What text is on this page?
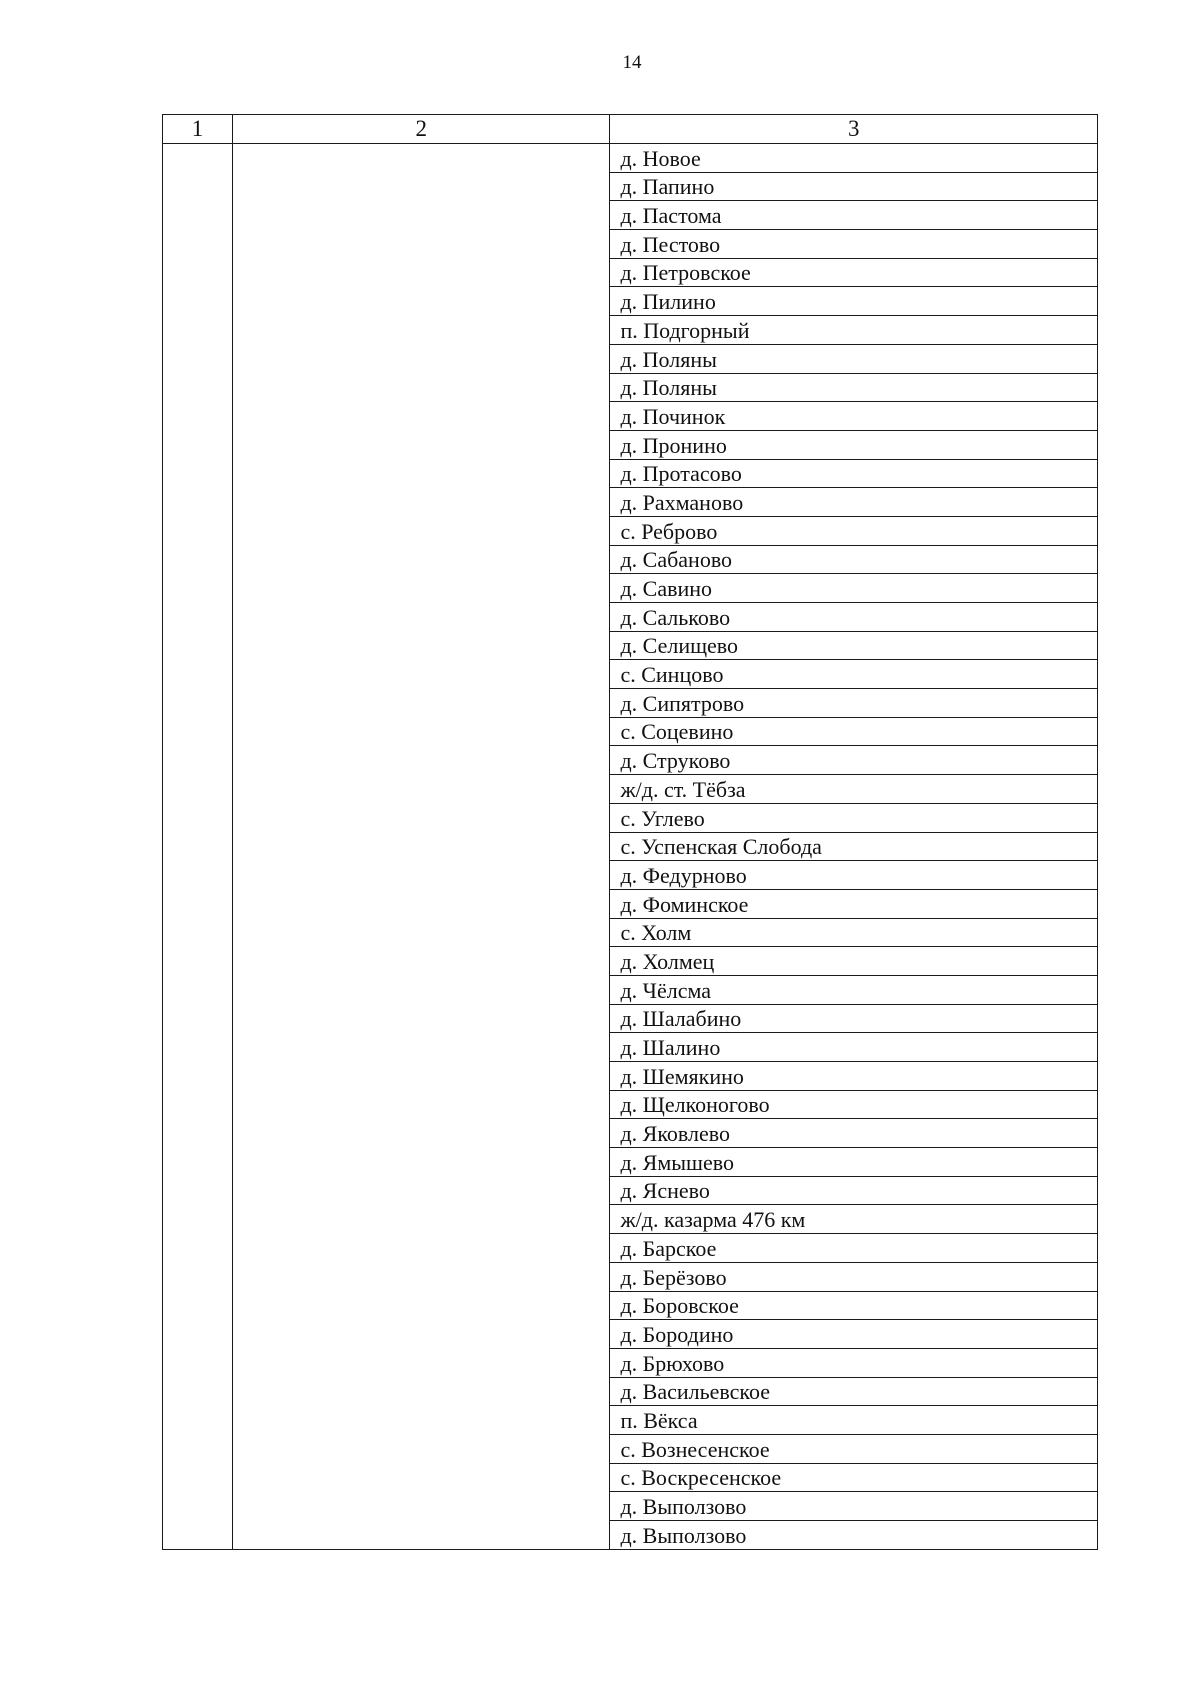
14
1	2	3
		д. Новое
		д. Папино
		д. Пастома
		д. Пестово
		д. Петровское
		д. Пилино
		п. Подгорный
		д. Поляны
		д. Поляны
		д. Починок
		д. Пронино
		д. Протасово
		д. Рахманово
		с. Реброво
		д. Сабаново
		д. Савино
		д. Сальково
		д. Селищево
		с. Синцово
		д. Сипятрово
		с. Соцевино
		д. Струково
		ж/д. ст. Тёбза
		с. Углево
		с. Успенская Слобода
		д. Федурново
		д. Фоминское
		с. Холм
		д. Холмец
		д. Чёлсма
		д. Шалабино
		д. Шалино
		д. Шемякино
		д. Щелконогово
		д. Яковлево
		д. Ямышево
		д. Яснево
		ж/д. казарма 476 км
		д. Барское
		д. Берёзово
		д. Боровское
		д. Бородино
		д. Брюхово
		д. Васильевское
		п. Вёкса
		с. Вознесенское
		с. Воскресенское
		д. Выползово
		д. Выползово
